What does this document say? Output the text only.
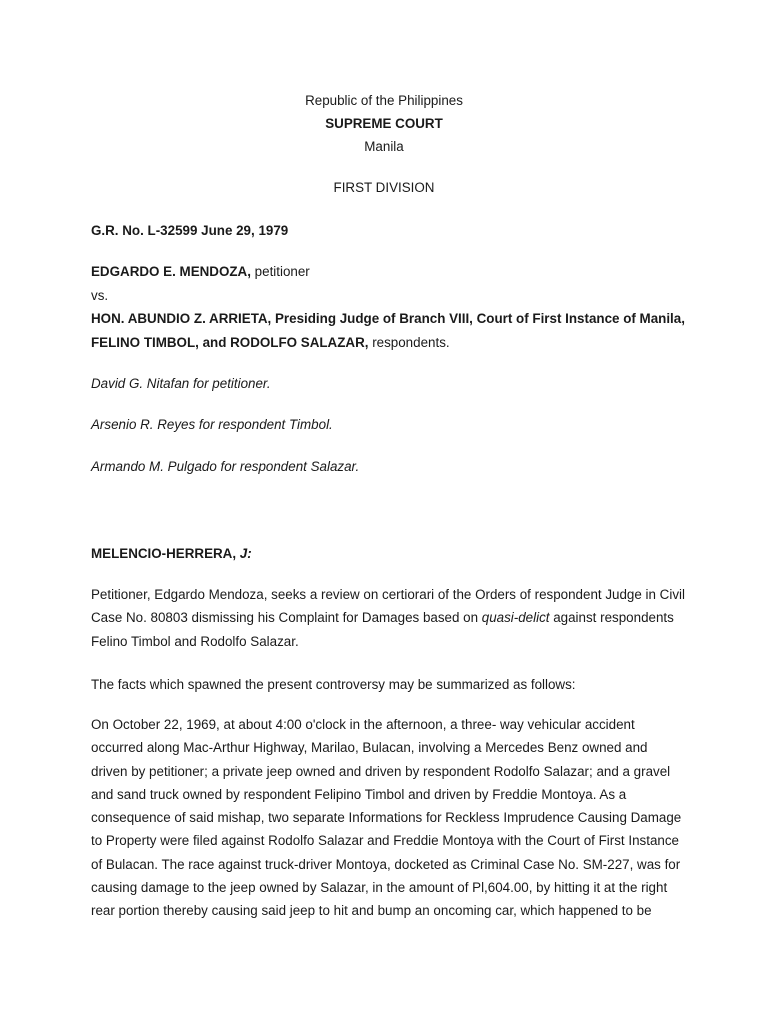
Republic of the Philippines
SUPREME COURT
Manila
FIRST DIVISION
G.R. No. L-32599 June 29, 1979
EDGARDO E. MENDOZA, petitioner
vs.
HON. ABUNDIO Z. ARRIETA, Presiding Judge of Branch VIII, Court of First Instance of Manila,
FELINO TIMBOL, and RODOLFO SALAZAR, respondents.
David G. Nitafan for petitioner.
Arsenio R. Reyes for respondent Timbol.
Armando M. Pulgado for respondent Salazar.
MELENCIO-HERRERA, J:
Petitioner, Edgardo Mendoza, seeks a review on certiorari of the Orders of respondent Judge in Civil
Case No. 80803 dismissing his Complaint for Damages based on quasi-delict against respondents
Felino Timbol and Rodolfo Salazar.
The facts which spawned the present controversy may be summarized as follows:
On October 22, 1969, at about 4:00 o'clock in the afternoon, a three- way vehicular accident
occurred along Mac-Arthur Highway, Marilao, Bulacan, involving a Mercedes Benz owned and
driven by petitioner; a private jeep owned and driven by respondent Rodolfo Salazar; and a gravel
and sand truck owned by respondent Felipino Timbol and driven by Freddie Montoya. As a
consequence of said mishap, two separate Informations for Reckless Imprudence Causing Damage
to Property were filed against Rodolfo Salazar and Freddie Montoya with the Court of First Instance
of Bulacan. The race against truck-driver Montoya, docketed as Criminal Case No. SM-227, was for
causing damage to the jeep owned by Salazar, in the amount of Pl,604.00, by hitting it at the right
rear portion thereby causing said jeep to hit and bump an oncoming car, which happened to be
